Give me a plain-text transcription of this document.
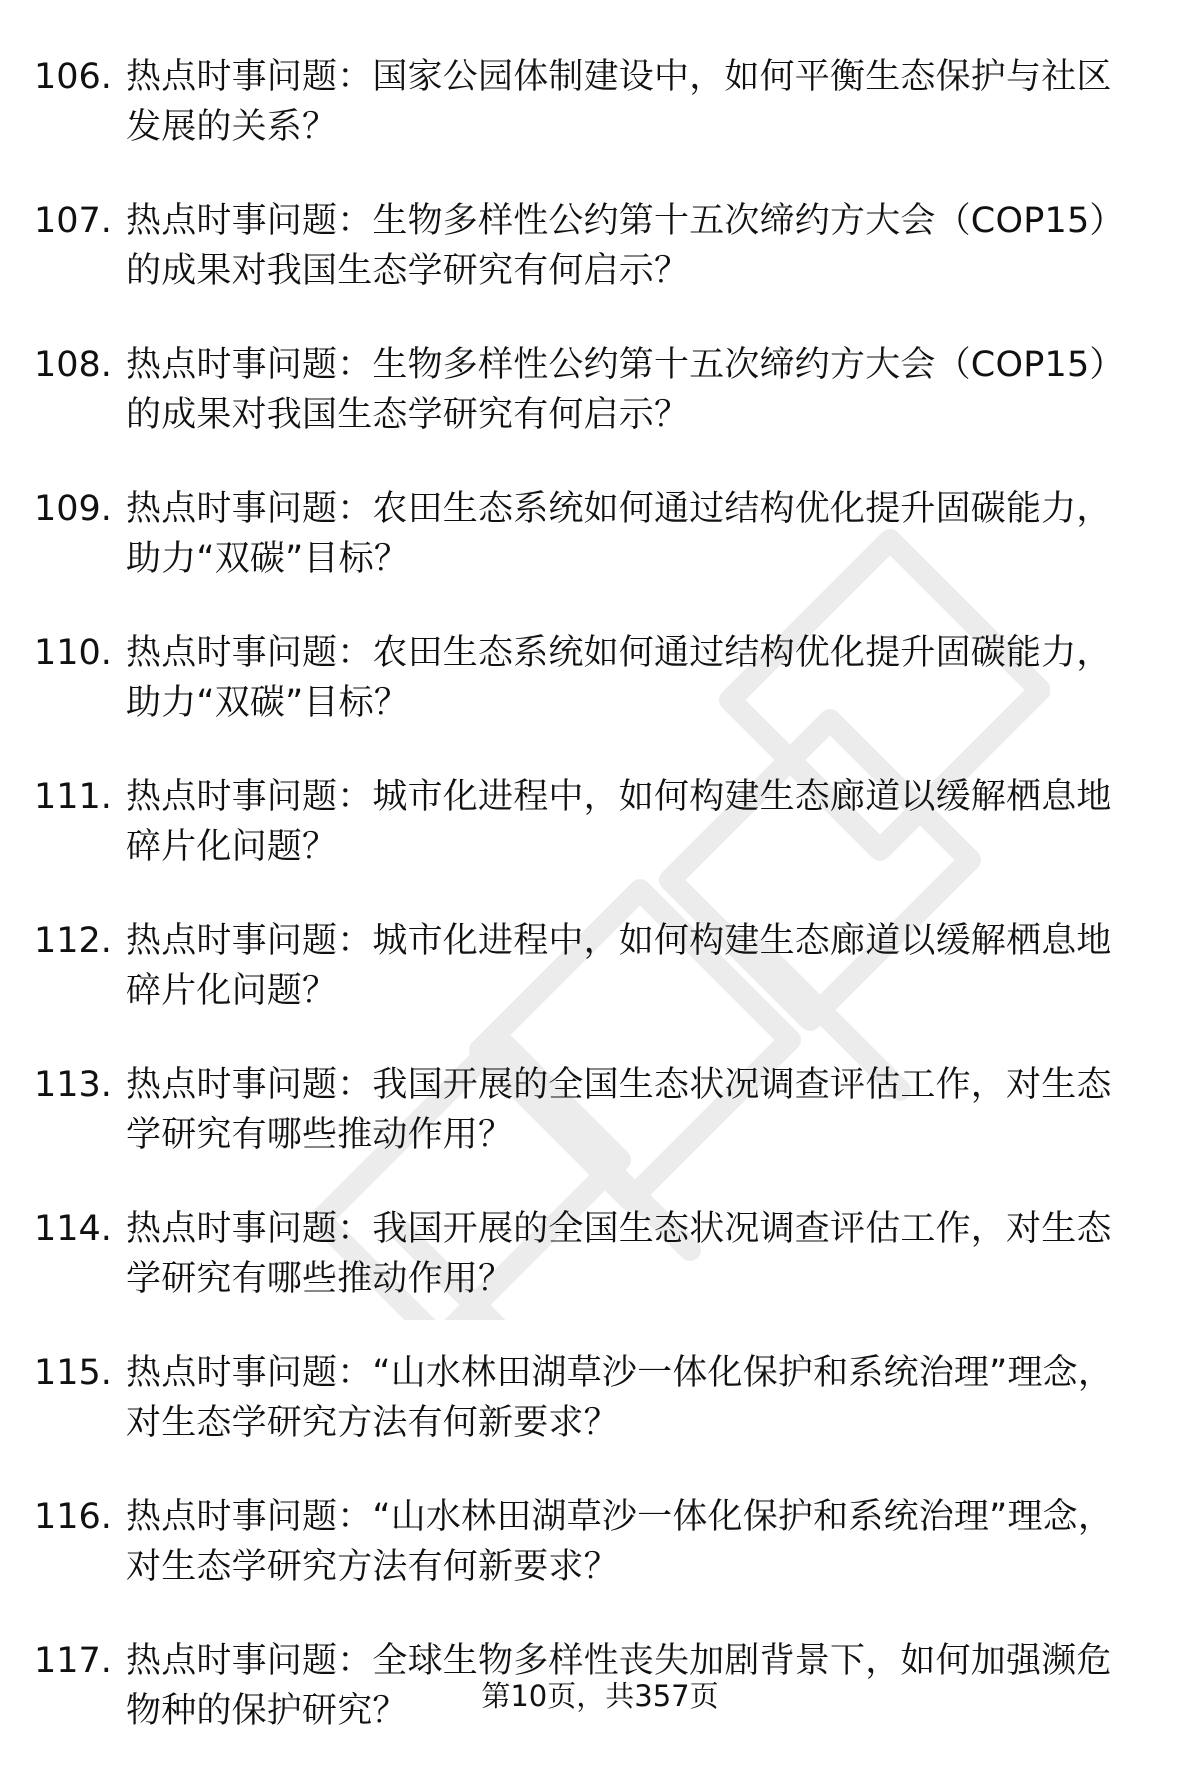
106. 热点时事问题：国家公园体制建设中，如何平衡生态保护与社区发展的关系？
107. 热点时事问题：生物多样性公约第十五次缔约方大会（COP15）的成果对我国生态学研究有何启示？
108. 热点时事问题：生物多样性公约第十五次缔约方大会（COP15）的成果对我国生态学研究有何启示？
109. 热点时事问题：农田生态系统如何通过结构优化提升固碳能力，助力“双碳”目标？
110. 热点时事问题：农田生态系统如何通过结构优化提升固碳能力，助力“双碳”目标？
111. 热点时事问题：城市化进程中，如何构建生态廊道以缓解栖息地碎片化问题？
112. 热点时事问题：城市化进程中，如何构建生态廊道以缓解栖息地碎片化问题？
113. 热点时事问题：我国开展的全国生态状况调查评估工作，对生态学研究有哪些推动作用？
114. 热点时事问题：我国开展的全国生态状况调查评估工作，对生态学研究有哪些推动作用？
115. 热点时事问题：“山水林田湖草沙一体化保护和系统治理”理念，对生态学研究方法有何新要求？
116. 热点时事问题：“山水林田湖草沙一体化保护和系统治理”理念，对生态学研究方法有何新要求？
117. 热点时事问题：全球生物多样性丧失加剧背景下，如何加强濒危物种的保护研究？	第10页，共357页
